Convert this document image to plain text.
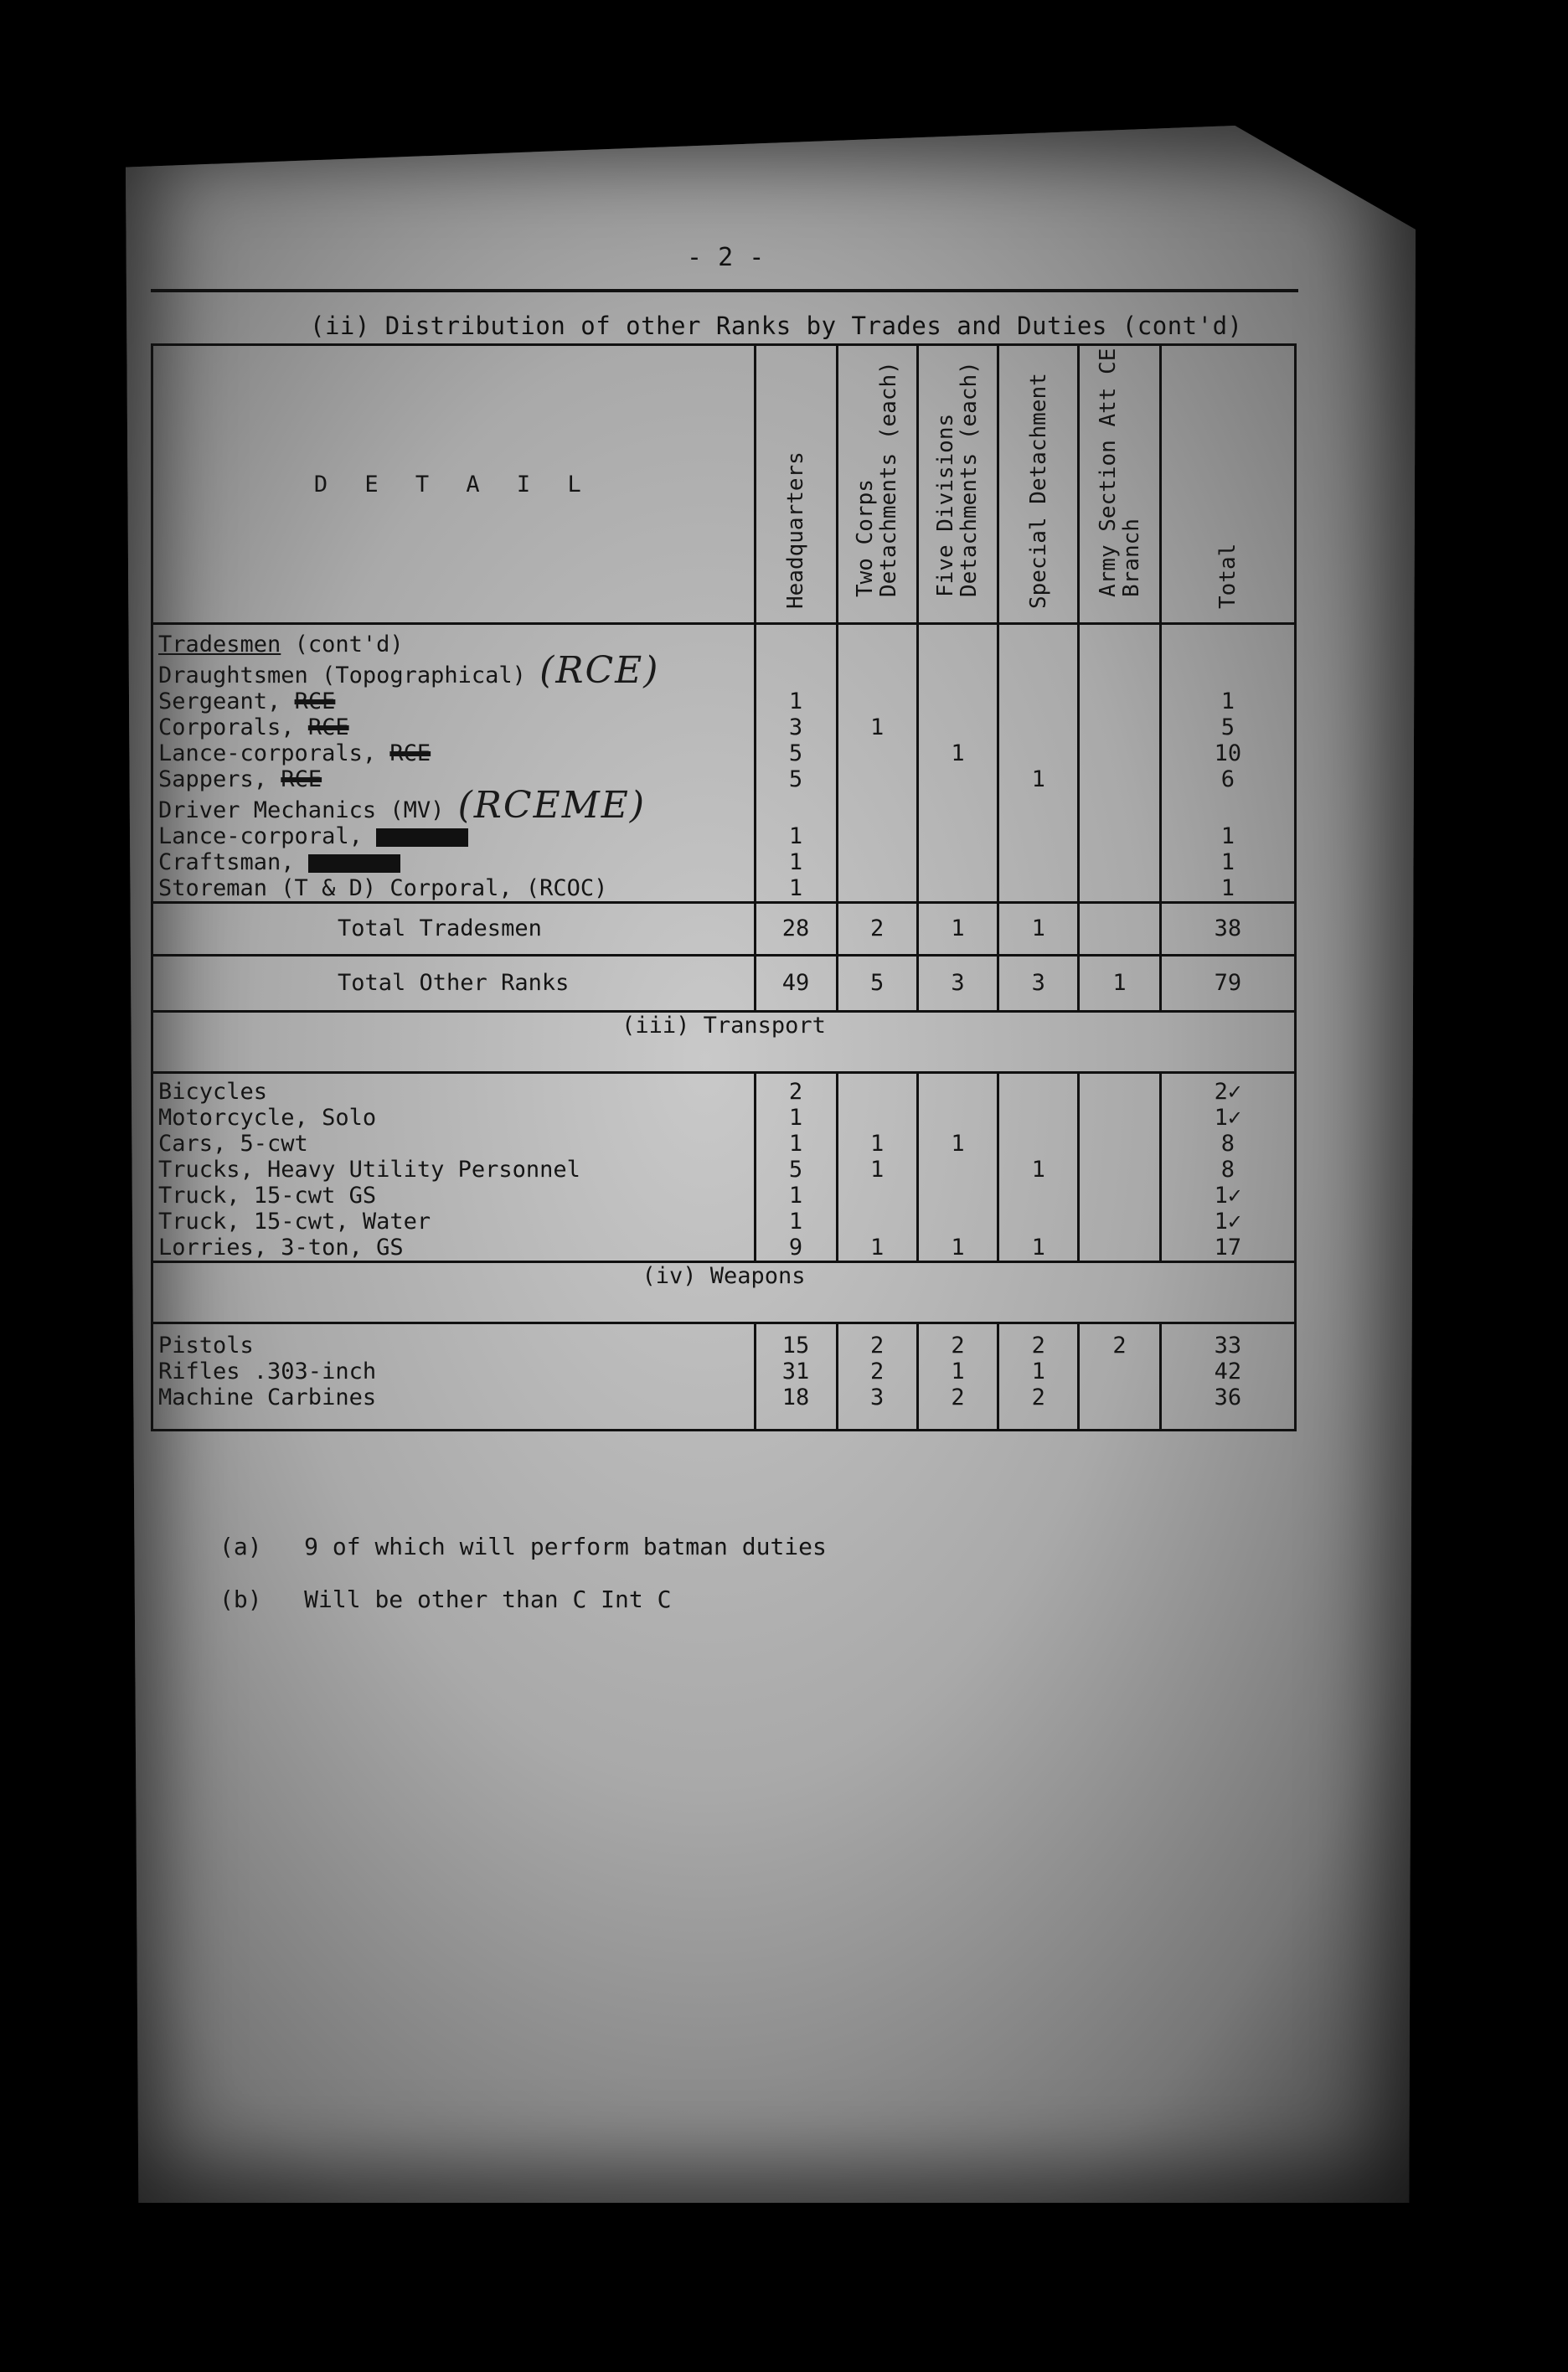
- 2 -
(ii) Distribution of other Ranks by Trades and Duties (cont'd)
D E T A I L	Headquarters	Two Corps Detachments (each)	Five Divisions Detachments (each)	Special Detachment	Army Section Att CE Branch	Total

Tradesmen (cont'd)						
Draughtsmen (Topographical) (RCE)						
Sergeant, RCE	1					1
Corporals, RCE	3	1				5
Lance-corporals, RCE	5		1			10
Sappers, RCE	5			1		6
Driver Mechanics (MV) (RCEME)						
Lance-corporal,	1					1
Craftsman,	1					1
Storeman (T & D) Corporal, (RCOC)	1					1
Total Tradesmen	28	2	1	1		38
Total Other Ranks	49	5	3	3	1	79
(iii) Transport						
Bicycles	2					2✓
Motorcycle, Solo	1					1✓
Cars, 5-cwt	1	1	1			8
Trucks, Heavy Utility Personnel	5	1		1		8
Truck, 15-cwt GS	1					1✓
Truck, 15-cwt, Water	1					1✓
Lorries, 3-ton, GS	9	1	1	1		17
(iv) Weapons						
Pistols	15	2	2	2	2	33
Rifles .303-inch	31	2	1	1		42
Machine Carbines	18	3	2	2		36
(a) 9 of which will perform batman duties
(b) Will be other than C Int C
